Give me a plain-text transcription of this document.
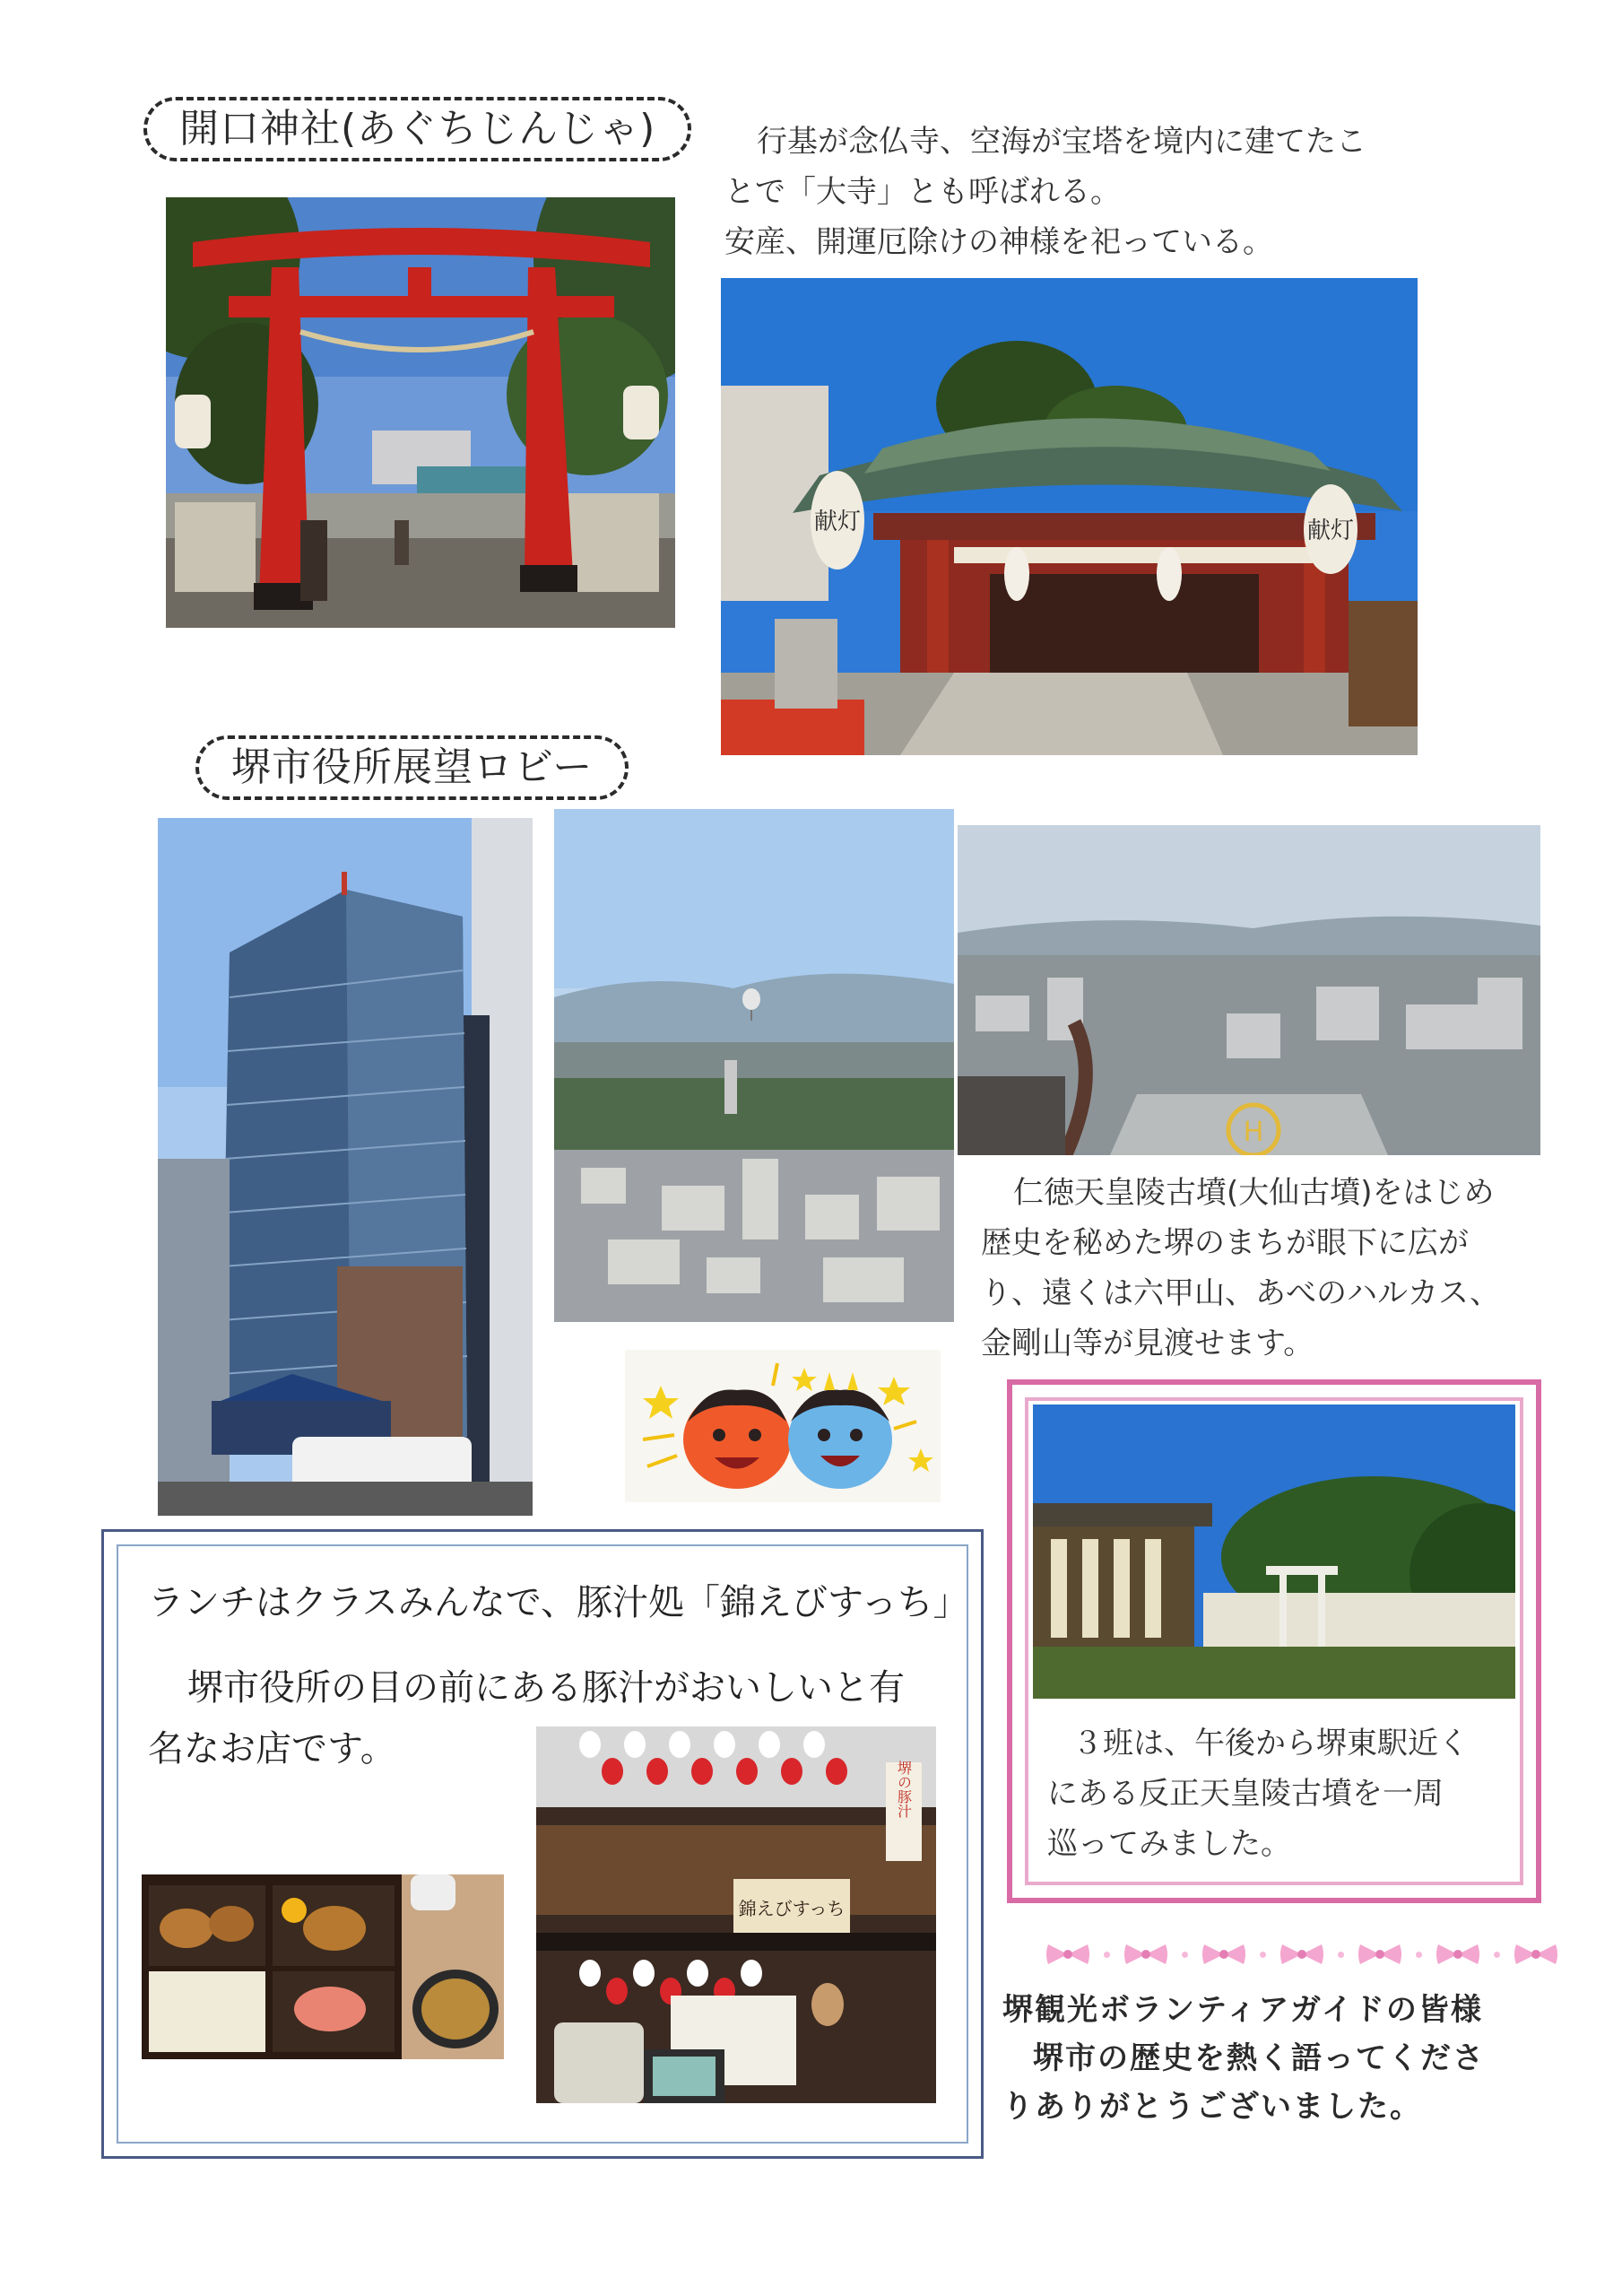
開口神社(あぐちじんじゃ)	行基が念仏寺、空海が宝塔を境内に建てたこ
とで「大寺」とも呼ばれる。
安産、開運厄除けの神様を祀っている。
献灯	献灯
堺市役所展望ロビー
H
仁徳天皇陵古墳(大仙古墳)をはじめ
歴史を秘めた堺のまちが眼下に広が
り、遠くは六甲山、あべのハルカス、
金剛山等が見渡せます。
３班は、午後から堺東駅近く
にある反正天皇陵古墳を一周
巡ってみました。
堺観光ボランティアガイドの皆様
堺市の歴史を熱く語ってくださ
りありがとうございました。
ランチはクラスみんなで、豚汁処「錦えびすっち」
堺市役所の目の前にある豚汁がおいしいと有
名なお店です。
錦えびすっち
堺の豚汁
